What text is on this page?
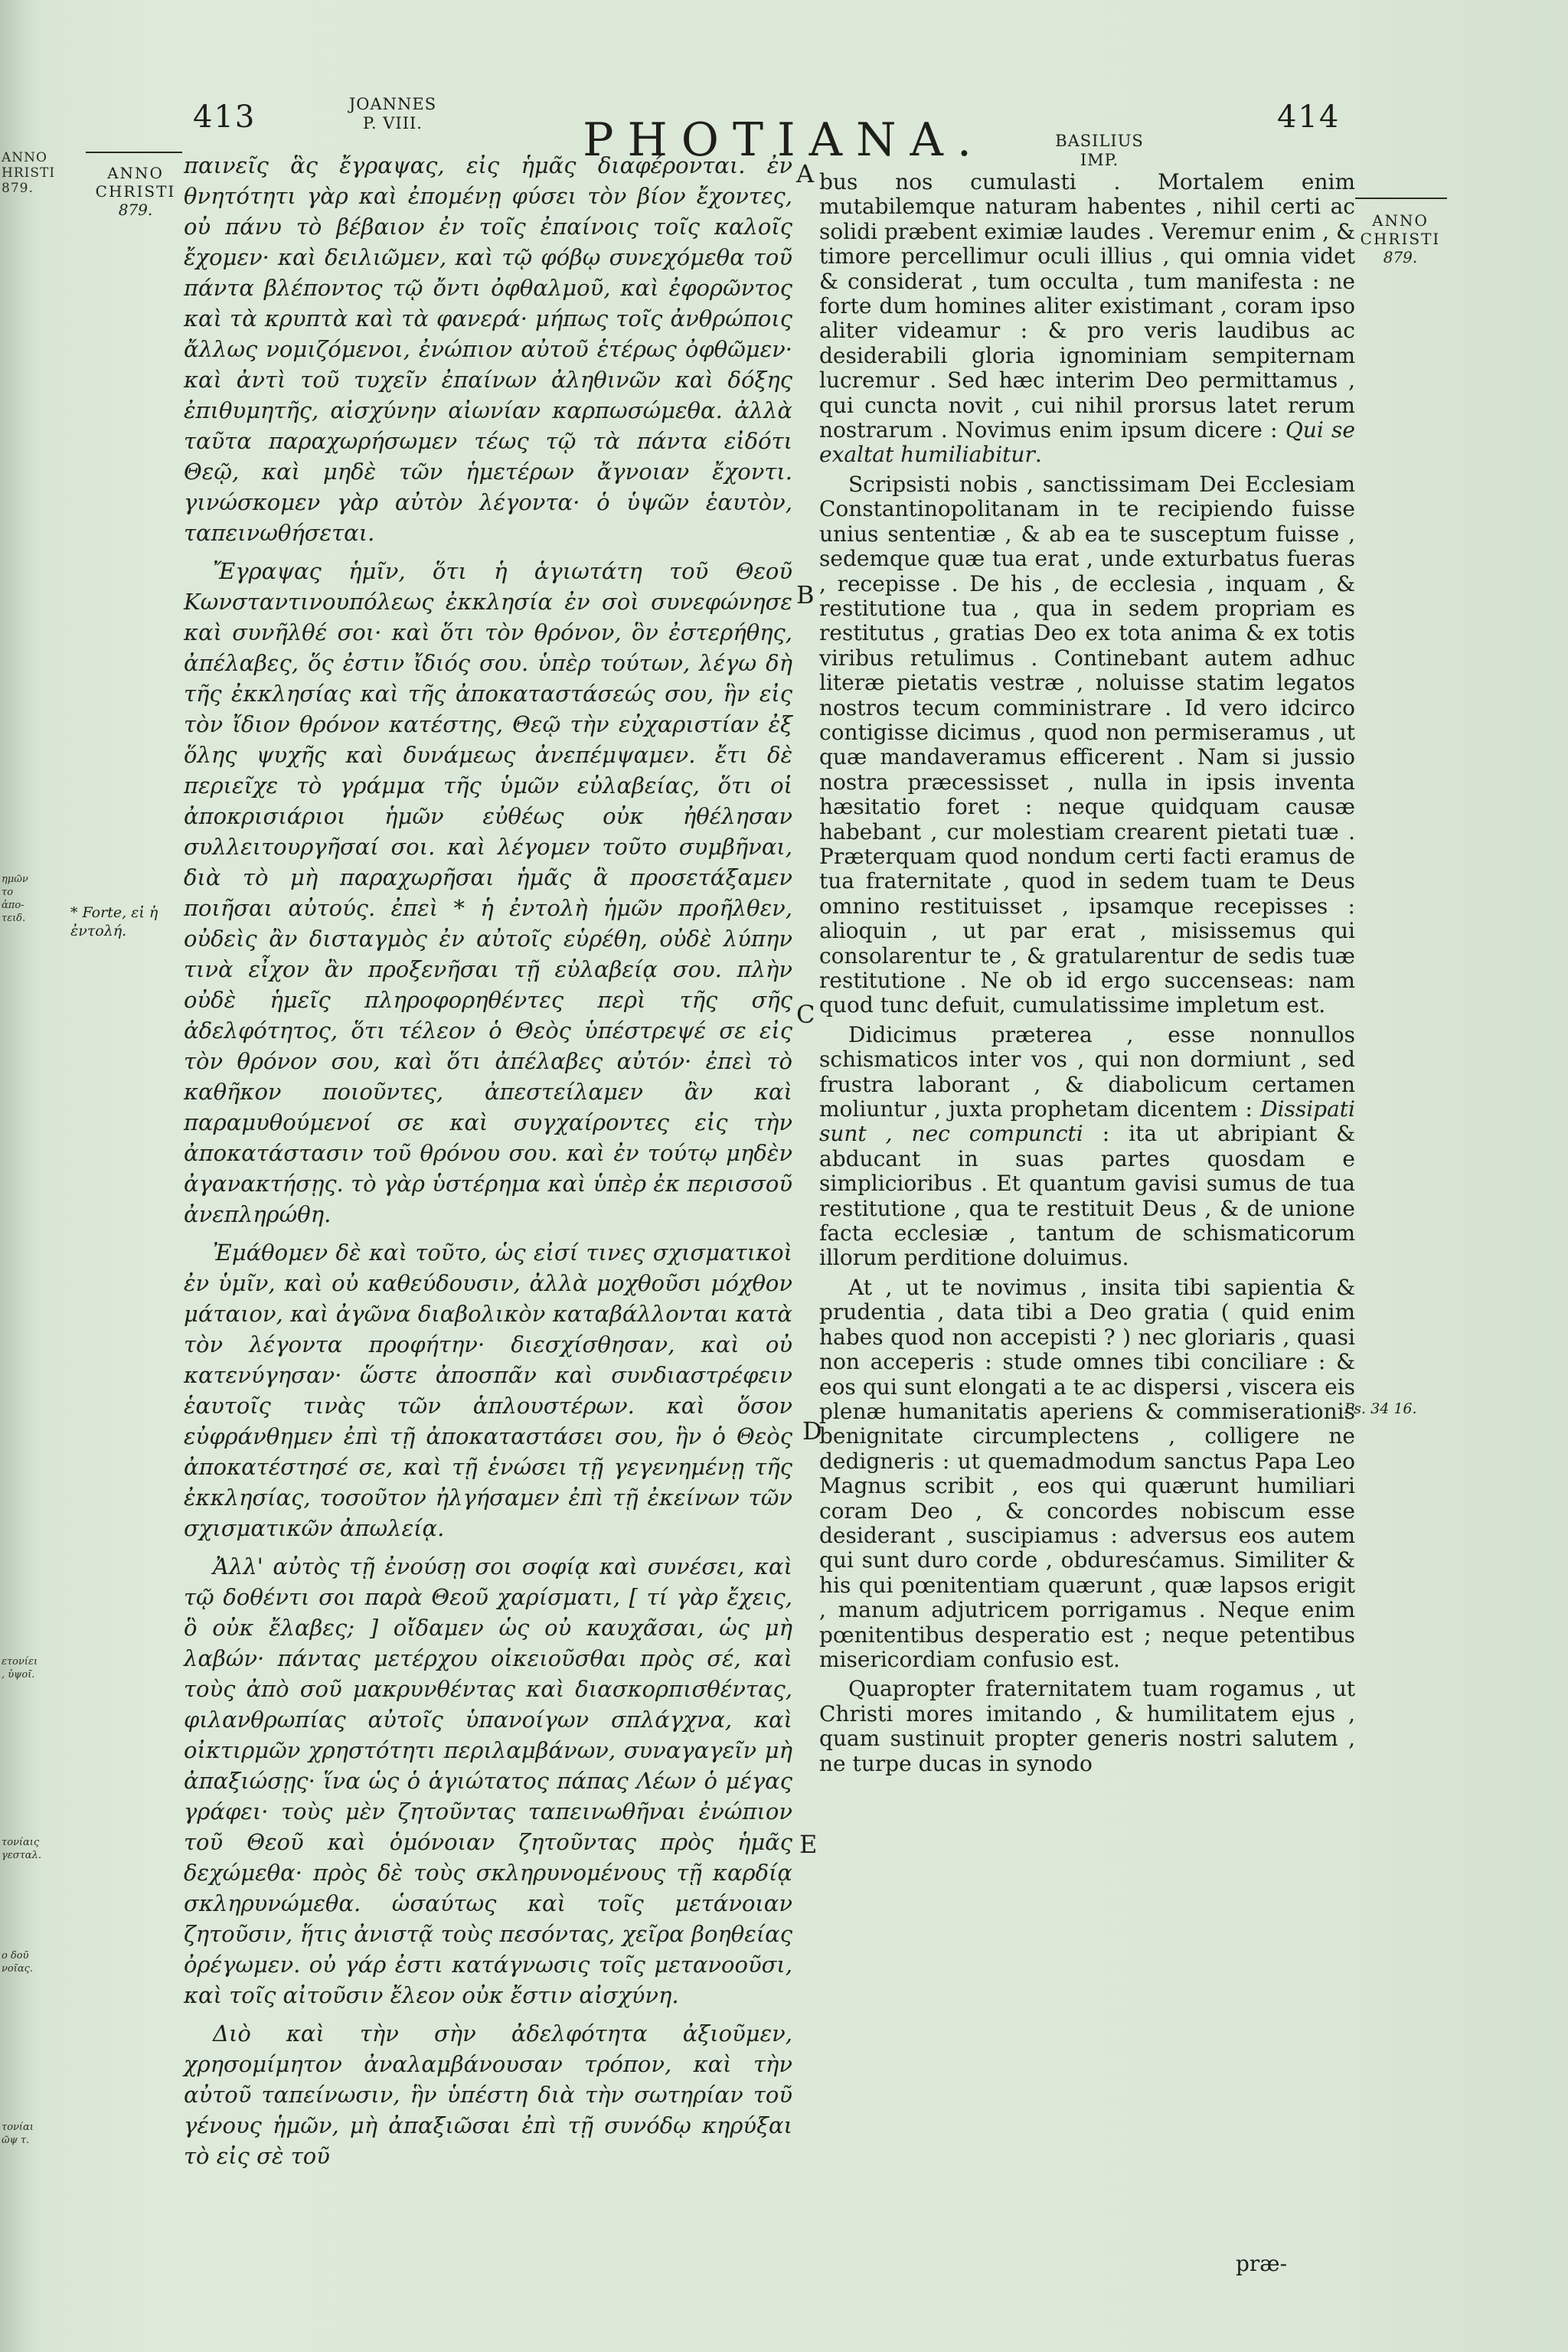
ANNO
HRISTI
879.
ημῶν
το ἀπο-
τειδ.
ετονίει
, ὑψοῖ.
τονίαις
γεσταλ.
ο δοῦ
νοῖας.
τονίαι
ῶψ τ.
413	JOANNES
P. VIII.	PHOTIANA.	BASILIUS
IMP.
414
ANNO
CHRISTI
879.
* Forte, εἰ ἡ ἐντολή.
ANNO
CHRISTI
879.
Ps. 34 16.
A
B
C
D
E

παινεῖς ἃς ἔγραψας, εἰς ἡμᾶς διαφέρονται. ἐν θνητότητι γὰρ καὶ ἐπομένῃ φύσει τὸν βίον ἔχοντες, οὐ πάνυ τὸ βέβαιον ἐν τοῖς ἐπαίνοις τοῖς καλοῖς ἔχομεν· καὶ δειλιῶμεν, καὶ τῷ φόβῳ συνεχόμεθα τοῦ πάντα βλέποντος τῷ ὄντι ὀφθαλμοῦ, καὶ ἐφορῶντος καὶ τὰ κρυπτὰ καὶ τὰ φανερά· μήπως τοῖς ἀνθρώποις ἄλλως νομιζόμενοι, ἐνώπιον αὐτοῦ ἑτέρως ὀφθῶμεν· καὶ ἀντὶ τοῦ τυχεῖν ἐπαίνων ἀληθινῶν καὶ δόξης ἐπιθυμητῆς, αἰσχύνην αἰωνίαν καρπωσώμεθα. ἀλλὰ ταῦτα παραχωρήσωμεν τέως τῷ τὰ πάντα εἰδότι Θεῷ, καὶ μηδὲ τῶν ἡμετέρων ἄγνοιαν ἔχοντι. γινώσκομεν γὰρ αὐτὸν λέγοντα· ὁ ὑψῶν ἑαυτὸν, ταπεινωθήσεται.

Ἔγραψας ἡμῖν, ὅτι ἡ ἁγιωτάτη τοῦ Θεοῦ Κωνσταντινουπόλεως ἐκκλησία ἐν σοὶ συνεφώνησε καὶ συνῆλθέ σοι· καὶ ὅτι τὸν θρόνον, ὃν ἐστερήθης, ἀπέλαβες, ὅς ἐστιν ἴδιός σου. ὑπὲρ τούτων, λέγω δὴ τῆς ἐκκλησίας καὶ τῆς ἀποκαταστάσεώς σου, ἣν εἰς τὸν ἴδιον θρόνον κατέστης, Θεῷ τὴν εὐχαριστίαν ἐξ ὅλης ψυχῆς καὶ δυνάμεως ἀνεπέμψαμεν. ἔτι δὲ περιεῖχε τὸ γράμμα τῆς ὑμῶν εὐλαβείας, ὅτι οἱ ἀποκρισιάριοι ἡμῶν εὐθέως οὐκ ἠθέλησαν συλλειτουργῆσαί σοι. καὶ λέγομεν τοῦτο συμβῆναι, διὰ τὸ μὴ παραχωρῆσαι ἡμᾶς ἃ προσετάξαμεν ποιῆσαι αὐτούς. ἐπεὶ * ἡ ἐντολὴ ἡμῶν προῆλθεν, οὐδεὶς ἂν δισταγμὸς ἐν αὐτοῖς εὑρέθη, οὐδὲ λύπην τινὰ εἶχον ἂν προξενῆσαι τῇ εὐλαβείᾳ σου. πλὴν οὐδὲ ἡμεῖς πληροφορηθέντες περὶ τῆς σῆς ἀδελφότητος, ὅτι τέλεον ὁ Θεὸς ὑπέστρεψέ σε εἰς τὸν θρόνον σου, καὶ ὅτι ἀπέλαβες αὐτόν· ἐπεὶ τὸ καθῆκον ποιοῦντες, ἀπεστείλαμεν ἂν καὶ παραμυθούμενοί σε καὶ συγχαίροντες εἰς τὴν ἀποκατάστασιν τοῦ θρόνου σου. καὶ ἐν τούτῳ μηδὲν ἀγανακτήσῃς. τὸ γὰρ ὑστέρημα καὶ ὑπὲρ ἐκ περισσοῦ ἀνεπληρώθη.

Ἐμάθομεν δὲ καὶ τοῦτο, ὡς εἰσί τινες σχισματικοὶ ἐν ὑμῖν, καὶ οὐ καθεύδουσιν, ἀλλὰ μοχθοῦσι μόχθον μάταιον, καὶ ἀγῶνα διαβολικὸν καταβάλλονται κατὰ τὸν λέγοντα προφήτην· διεσχίσθησαν, καὶ οὐ κατενύγησαν· ὥστε ἀποσπᾶν καὶ συνδιαστρέφειν ἑαυτοῖς τινὰς τῶν ἁπλουστέρων. καὶ ὅσον εὐφράνθημεν ἐπὶ τῇ ἀποκαταστάσει σου, ἣν ὁ Θεὸς ἀποκατέστησέ σε, καὶ τῇ ἑνώσει τῇ γεγενημένῃ τῆς ἐκκλησίας, τοσοῦτον ἠλγήσαμεν ἐπὶ τῇ ἐκείνων τῶν σχισματικῶν ἀπωλείᾳ.

Ἀλλ' αὐτὸς τῇ ἐνούσῃ σοι σοφίᾳ καὶ συνέσει, καὶ τῷ δοθέντι σοι παρὰ Θεοῦ χαρίσματι, [ τί γὰρ ἔχεις, ὃ οὐκ ἔλαβες; ] οἴδαμεν ὡς οὐ καυχᾶσαι, ὡς μὴ λαβών· πάντας μετέρχου οἰκειοῦσθαι πρὸς σέ, καὶ τοὺς ἀπὸ σοῦ μακρυνθέντας καὶ διασκορπισθέντας, φιλανθρωπίας αὐτοῖς ὑπανοίγων σπλάγχνα, καὶ οἰκτιρμῶν χρηστότητι περιλαμβάνων, συναγαγεῖν μὴ ἀπαξιώσῃς· ἵνα ὡς ὁ ἁγιώτατος πάπας Λέων ὁ μέγας γράφει· τοὺς μὲν ζητοῦντας ταπεινωθῆναι ἐνώπιον τοῦ Θεοῦ καὶ ὁμόνοιαν ζητοῦντας πρὸς ἡμᾶς δεχώμεθα· πρὸς δὲ τοὺς σκληρυνομένους τῇ καρδίᾳ σκληρυνώμεθα. ὡσαύτως καὶ τοῖς μετάνοιαν ζητοῦσιν, ἥτις ἀνιστᾷ τοὺς πεσόντας, χεῖρα βοηθείας ὀρέγωμεν. οὐ γάρ ἐστι κατάγνωσις τοῖς μετανοοῦσι, καὶ τοῖς αἰτοῦσιν ἔλεον οὐκ ἔστιν αἰσχύνη.

Διὸ καὶ τὴν σὴν ἀδελφότητα ἀξιοῦμεν, χρησομίμητον ἀναλαμβάνουσαν τρόπον, καὶ τὴν αὐτοῦ ταπείνωσιν, ἣν ὑπέστη διὰ τὴν σωτηρίαν τοῦ γένους ἡμῶν, μὴ ἀπαξιῶσαι ἐπὶ τῇ συνόδῳ κηρύξαι τὸ εἰς σὲ τοῦ

bus nos cumulasti . Mortalem enim mutabilemque naturam habentes , nihil certi ac solidi præbent eximiæ laudes . Veremur enim , & timore percellimur oculi illius , qui omnia videt & considerat , tum occulta , tum manifesta : ne forte dum homines aliter existimant , coram ipso aliter videamur : & pro veris laudibus ac desiderabili gloria ignominiam sempiternam lucremur . Sed hæc interim Deo permittamus , qui cuncta novit , cui nihil prorsus latet rerum nostrarum . Novimus enim ipsum dicere : Qui se exaltat humiliabitur.

Scripsisti nobis , sanctissimam Dei Ecclesiam Constantinopolitanam in te recipiendo fuisse unius sententiæ , & ab ea te susceptum fuisse , sedemque quæ tua erat , unde exturbatus fueras , recepisse . De his , de ecclesia , inquam , & restitutione tua , qua in sedem propriam es restitutus , gratias Deo ex tota anima & ex totis viribus retulimus . Continebant autem adhuc literæ pietatis vestræ , noluisse statim legatos nostros tecum comministrare . Id vero idcirco contigisse dicimus , quod non permiseramus , ut quæ mandaveramus efficerent . Nam si jussio nostra præcessisset , nulla in ipsis inventa hæsitatio foret : neque quidquam causæ habebant , cur molestiam crearent pietati tuæ . Præterquam quod nondum certi facti eramus de tua fraternitate , quod in sedem tuam te Deus omnino restituisset , ipsamque recepisses : alioquin , ut par erat , misissemus qui consolarentur te , & gratularentur de sedis tuæ restitutione . Ne ob id ergo succenseas: nam quod tunc defuit, cumulatissime impletum est.

Didicimus præterea , esse nonnullos schismaticos inter vos , qui non dormiunt , sed frustra laborant , & diabolicum certamen moliuntur , juxta prophetam dicentem : Dissipati sunt , nec compuncti : ita ut abripiant & abducant in suas partes quosdam e simplicioribus . Et quantum gavisi sumus de tua restitutione , qua te restituit Deus , & de unione facta ecclesiæ , tantum de schismaticorum illorum perditione doluimus.

At , ut te novimus , insita tibi sapientia & prudentia , data tibi a Deo gratia ( quid enim habes quod non accepisti ? ) nec gloriaris , quasi non acceperis : stude omnes tibi conciliare : & eos qui sunt elongati a te ac dispersi , viscera eis plenæ humanitatis aperiens & commiserationis benignitate circumplectens , colligere ne dedigneris : ut quemadmodum sanctus Papa Leo Magnus scribit , eos qui quærunt humiliari coram Deo , & concordes nobiscum esse desiderant , suscipiamus : adversus eos autem qui sunt duro corde , obduresćamus. Similiter & his qui pœnitentiam quærunt , quæ lapsos erigit , manum adjutricem porrigamus . Neque enim pœnitentibus desperatio est ; neque petentibus misericordiam confusio est.

Quapropter fraternitatem tuam rogamus , ut Christi mores imitando , & humilitatem ejus , quam sustinuit propter generis nostri salutem , ne turpe ducas in synodo

præ-
